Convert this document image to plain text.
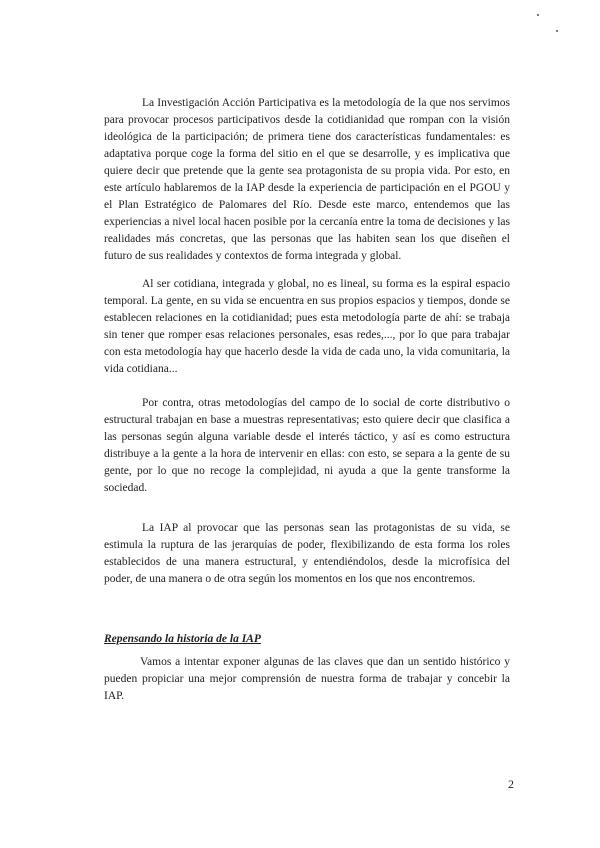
La Investigación Acción Participativa es la metodología de la que nos servimos para provocar procesos participativos desde la cotidianidad que rompan con la visión ideológica de la participación; de primera tiene dos características fundamentales: es adaptativa porque coge la forma del sitio en el que se desarrolle, y es implicativa que quiere decir que pretende que la gente sea protagonista de su propia vida. Por esto, en este artículo hablaremos de la IAP desde la experiencia de participación en el PGOU y el Plan Estratégico de Palomares del Río. Desde este marco, entendemos que las experiencias a nivel local hacen posible por la cercanía entre la toma de decisiones y las realidades más concretas, que las personas que las habiten sean los que diseñen el futuro de sus realidades y contextos de forma integrada y global.

Al ser cotidiana, integrada y global, no es lineal, su forma es la espiral espacio temporal. La gente, en su vida se encuentra en sus propios espacios y tiempos, donde se establecen relaciones en la cotidianidad; pues esta metodología parte de ahí: se trabaja sin tener que romper esas relaciones personales, esas redes,..., por lo que para trabajar con esta metodología hay que hacerlo desde la vida de cada uno, la vida comunitaria, la vida cotidiana...

Por contra, otras metodologías del campo de lo social de corte distributivo o estructural trabajan en base a muestras representativas; esto quiere decir que clasifica a las personas según alguna variable desde el interés táctico, y así es como estructura distribuye a la gente a la hora de intervenir en ellas: con esto, se separa a la gente de su gente, por lo que no recoge la complejidad, ni ayuda a que la gente transforme la sociedad.

La IAP al provocar que las personas sean las protagonistas de su vida, se estimula la ruptura de las jerarquías de poder, flexibilizando de esta forma los roles establecidos de una manera estructural, y entendiéndolos, desde la microfísica del poder, de una manera o de otra según los momentos en los que nos encontremos.

Repensando la historia de la IAP

Vamos a intentar exponer algunas de las claves que dan un sentido histórico y pueden propiciar una mejor comprensión de nuestra forma de trabajar y concebir la IAP.

2
